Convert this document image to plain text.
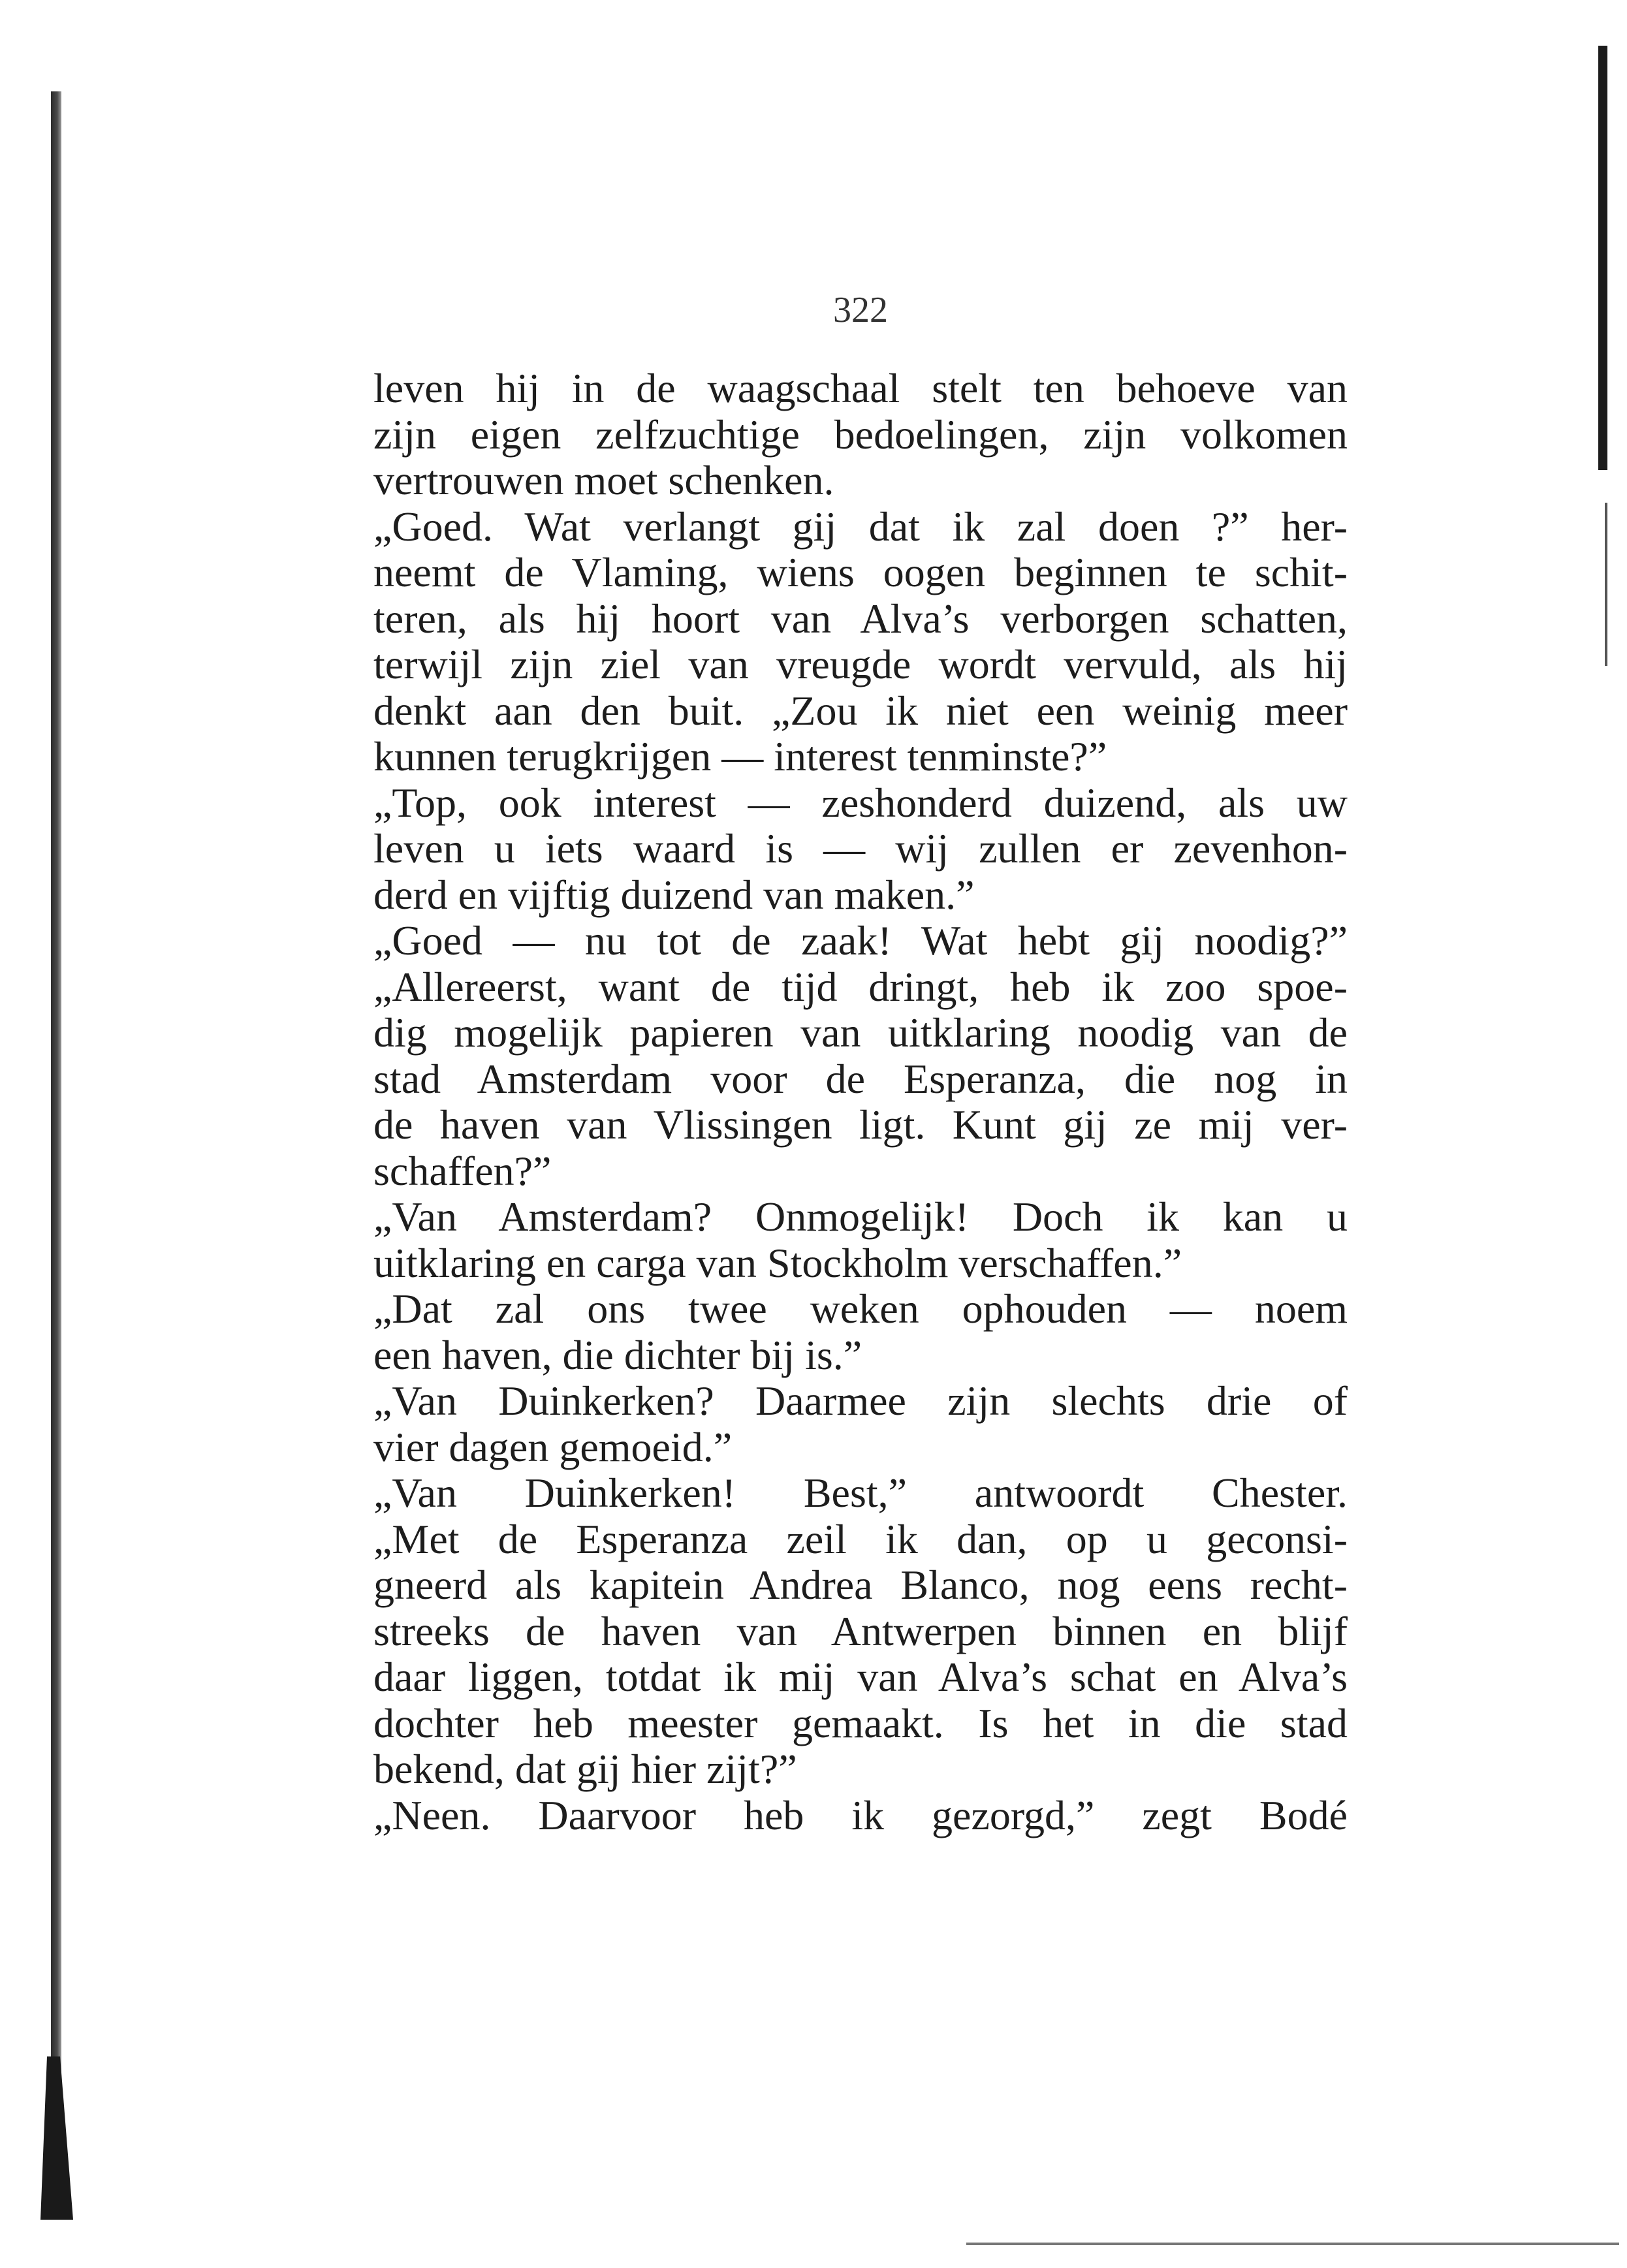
322
leven hij in de waagschaal stelt ten behoeve van
zijn eigen zelfzuchtige bedoelingen, zijn volkomen
vertrouwen moet schenken.
„Goed. Wat verlangt gij dat ik zal doen ?” her-
neemt de Vlaming, wiens oogen beginnen te schit-
teren, als hij hoort van Alva’s verborgen schatten,
terwijl zijn ziel van vreugde wordt vervuld, als hij
denkt aan den buit. „Zou ik niet een weinig meer
kunnen terugkrijgen — interest tenminste?”
„Top, ook interest — zeshonderd duizend, als uw
leven u iets waard is — wij zullen er zevenhon-
derd en vijftig duizend van maken.”
„Goed — nu tot de zaak! Wat hebt gij noodig?”
„Allereerst, want de tijd dringt, heb ik zoo spoe-
dig mogelijk papieren van uitklaring noodig van de
stad Amsterdam voor de Esperanza, die nog in
de haven van Vlissingen ligt. Kunt gij ze mij ver-
schaffen?”
„Van Amsterdam? Onmogelijk! Doch ik kan u
uitklaring en carga van Stockholm verschaffen.”
„Dat zal ons twee weken ophouden — noem
een haven, die dichter bij is.”
„Van Duinkerken? Daarmee zijn slechts drie of
vier dagen gemoeid.”
„Van Duinkerken! Best,” antwoordt Chester.
„Met de Esperanza zeil ik dan, op u geconsi-
gneerd als kapitein Andrea Blanco, nog eens recht-
streeks de haven van Antwerpen binnen en blijf
daar liggen, totdat ik mij van Alva’s schat en Alva’s
dochter heb meester gemaakt. Is het in die stad
bekend, dat gij hier zijt?”
„Neen. Daarvoor heb ik gezorgd,” zegt Bodé
